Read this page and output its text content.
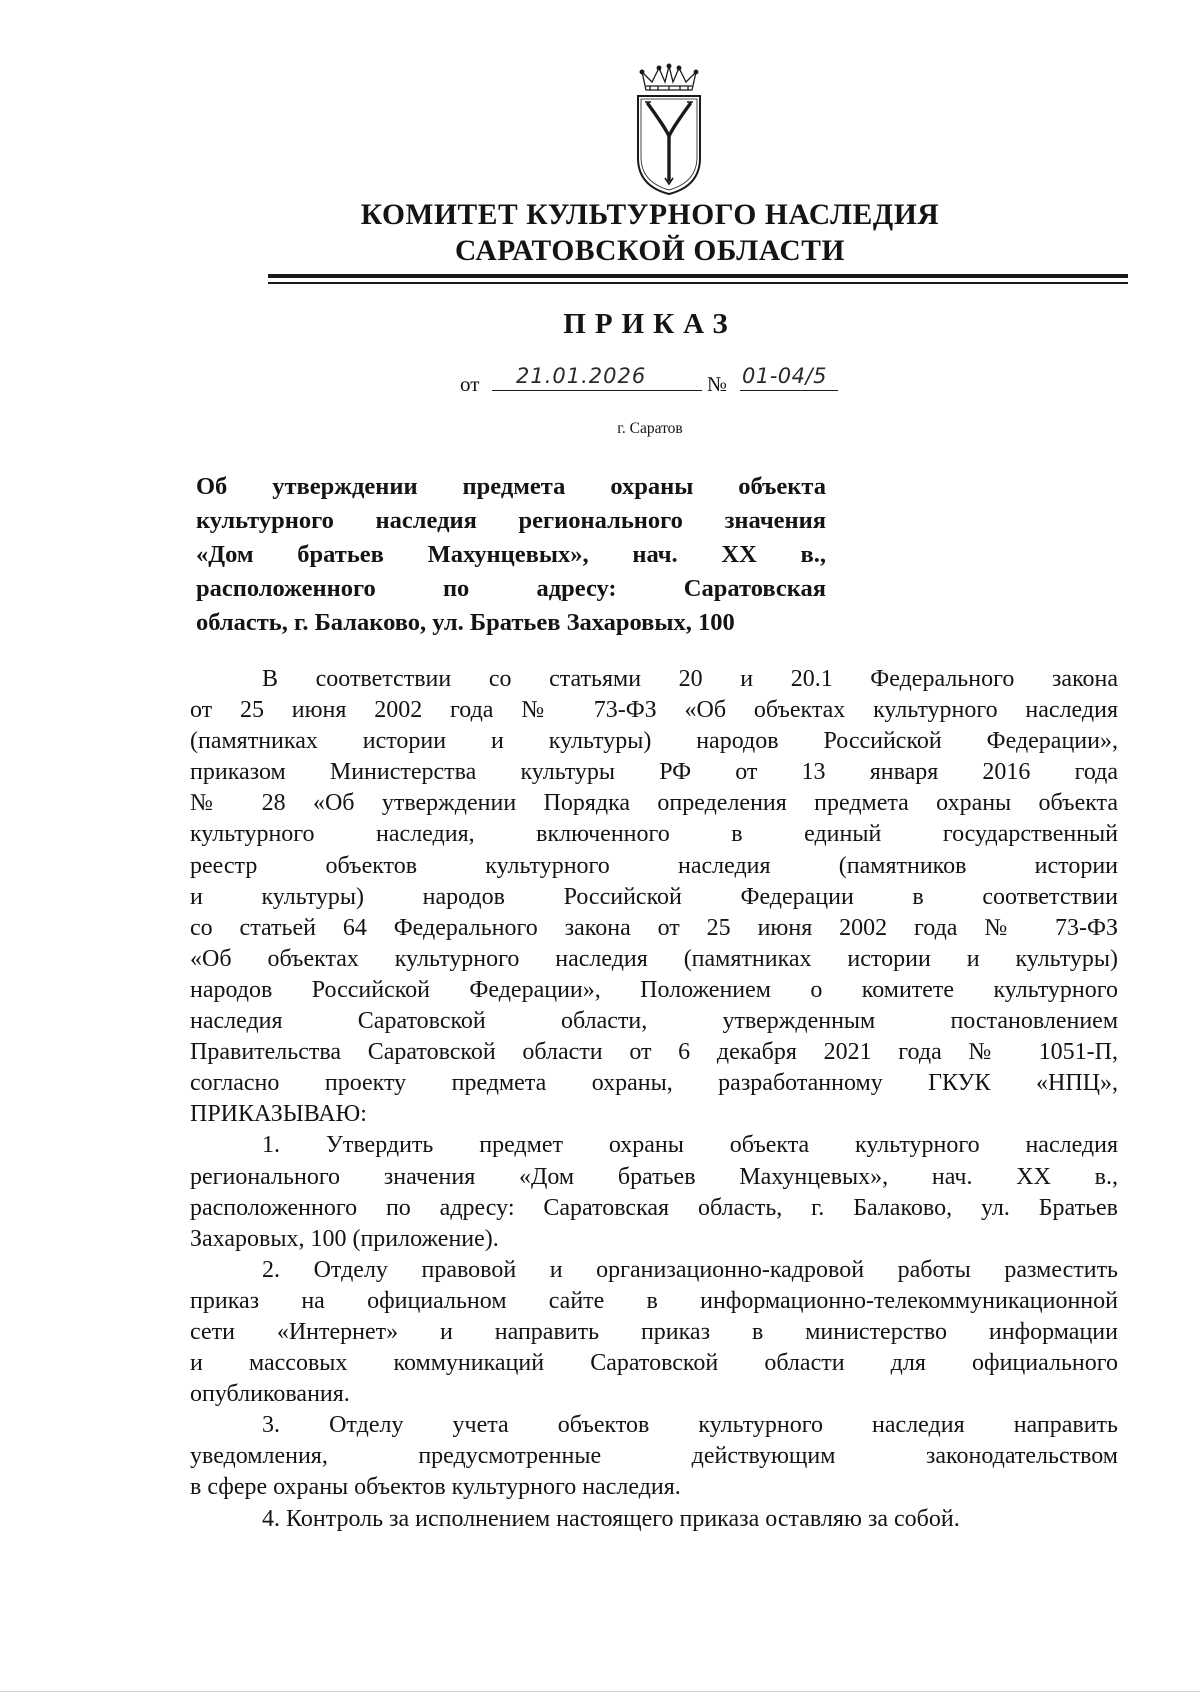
КОМИТЕТ КУЛЬТУРНОГО НАСЛЕДИЯ
САРАТОВСКОЙ ОБЛАСТИ
ПРИКАЗ
от 21.01.2026	№ 01-04/5
г. Саратов
Об утверждении предмета охраны объекта
культурного наследия регионального значения
«Дом братьев Махунцевых», нач. XX в.,
расположенного по адресу: Саратовская
область, г. Балаково, ул. Братьев Захаровых, 100
В соответствии со статьями 20 и 20.1 Федерального закона
от 25 июня 2002 года № 73-ФЗ «Об объектах культурного наследия
(памятниках истории и культуры) народов Российской Федерации»,
приказом Министерства культуры РФ от 13 января 2016 года
№ 28 «Об утверждении Порядка определения предмета охраны объекта
культурного наследия, включенного в единый государственный
реестр объектов культурного наследия (памятников истории
и культуры) народов Российской Федерации в соответствии
со статьей 64 Федерального закона от 25 июня 2002 года № 73-ФЗ
«Об объектах культурного наследия (памятниках истории и культуры)
народов Российской Федерации», Положением о комитете культурного
наследия Саратовской области, утвержденным постановлением
Правительства Саратовской области от 6 декабря 2021 года № 1051-П,
согласно проекту предмета охраны, разработанному ГКУК «НПЦ»,
ПРИКАЗЫВАЮ:
1. Утвердить предмет охраны объекта культурного наследия
регионального значения «Дом братьев Махунцевых», нач. XX в.,
расположенного по адресу: Саратовская область, г. Балаково, ул. Братьев
Захаровых, 100 (приложение).
2. Отделу правовой и организационно-кадровой работы разместить
приказ на официальном сайте в информационно-телекоммуникационной
сети «Интернет» и направить приказ в министерство информации
и массовых коммуникаций Саратовской области для официального
опубликования.
3. Отделу учета объектов культурного наследия направить
уведомления, предусмотренные действующим законодательством
в сфере охраны объектов культурного наследия.
4. Контроль за исполнением настоящего приказа оставляю за собой.
